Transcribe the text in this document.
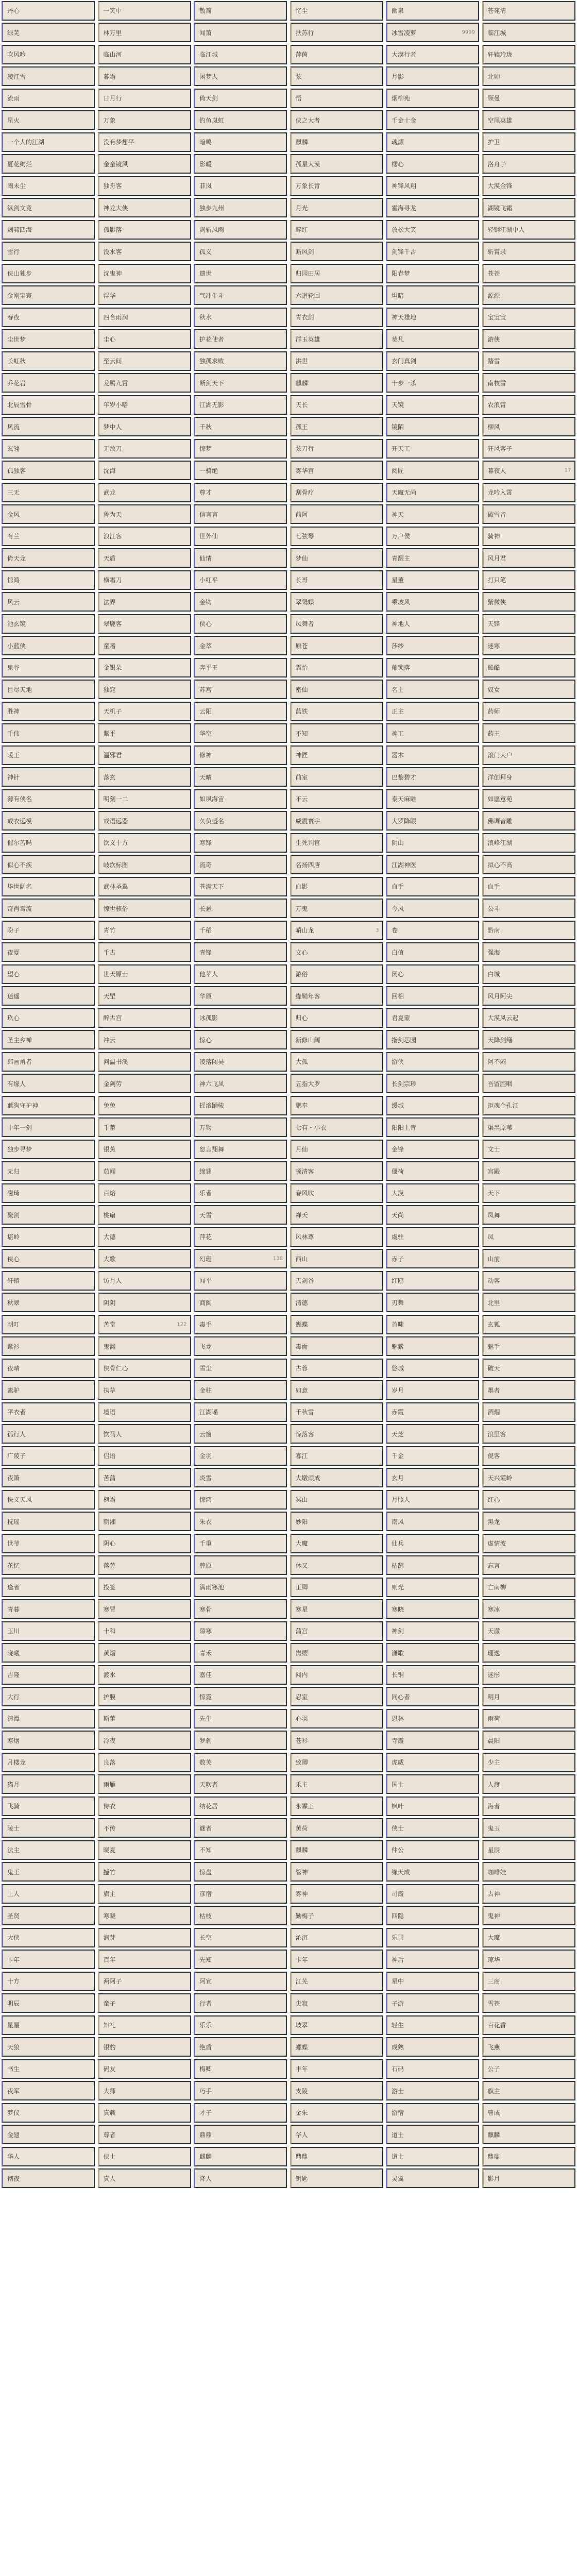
丹心	一笑中	散简	忆尘	幽泉	苍苑清
绿芜	林万里	闻箫	扶苏行	冰雪凌萝	9999 临江城
吹风吟	临山河	临江城	萍茵	大漠行者	轩辕玲珑
凌江雪	暮霜	闲梦人	弦	月影	北帅
流雨	日月行	倚天剑	悟	烟柳苑	顾曼
星火	万象	钓鱼岚虹	侠之大者	千金十金	空尾英雄
一个人的江湖	没有梦想平	暗鸣	麒麟	魂源	护卫
夏花绚烂	金童镜风	影暖	孤星大漠	楼心	洛舟子
雨未尘	独舟客	菲岚	万象长青	神锋风翔	大漠金锋
纵剑文竟	神龙大侠	独步九州	月光	霍海寻龙	湖镜飞霜
剑啸四海	孤影落	剑斩风雨	醉红	放松大笑	轻钢江湖中人
雪行	没水客	孤义	断风剑	剑锋千古	斩霄录
侠山独步	沈鬼神	遗世	归园田居	阳春梦	苍苍
金刚宝寰	浮华	气冲牛斗	六道轮回	坦暗	源源
春夜	四合雨润	秋水	青衣剑	神天雄地	宝宝宝
尘世梦	尘心	护花使者	群玉英雄	莫凡	游侠
长虹秋	至云间	独孤求败	洪世	玄门真剑	踏雪
乔花岩	龙腾九霄	断剑天下	麒麟	十步一杀	南枝雪
北辰雪骨	年岁小嗜	江湖无影	天长	天镜	农浪霄
风流	梦中人	千秋	孤王	镜陌	柳风
玄翎	无敌刀	惊梦	弦刀行	开天工	狂风客子
孤独客	沈海	一骑绝	雾华宫	阅匠	暮夜人	17
三无	武龙	尊才	刮骨疗	天魔无尚	龙吟入霄
金风	鲁为天	信言言	前阿	神天	破雪音
有兰	浪江客	世外仙	七弦琴	万户侯	骑神
倚天龙	天盾	仙情	梦仙	青醒主	风月君
惊鸿	横霜刀	小红平	长哥	星董	打只笔
风云	法界	金钩	翠鸳蝶	乘坡风	紫微侠
池玄镜	翠鹿客	侠心	凤舞者	神地人	天锋
小蓝侠	童嗜	金萃	原苍	莎纱	迷寒
鬼谷	金银朵	奔平王	霏怡	郁锁落	酷酷
目尽天地	独窕	苏宫	密仙	名士	奴女
胜神	天机子	云阳	蓝铁	正主	药师
千伟	紫平	华空	不知	神工	药王
暖王	温邪君	修神	神匠	器木	滚门大户
神针	落玄	天晴	前室	巴黎碧才	洋创拜身
薄有侠名	明刻一二	如夙海宙	不云	泰天麻雕	如愿意苑
戒衣远模	戒语远器	久负盛名	威震寰宇	大罗降眼	佛调音雕
催尔苦吗	饮义十方	寒锋	生死判官	阴山	浪峰江湖
似心不疾	岐坎标图	流奇	名扬四唐	江湖神医	拟心不高
毕世阔名	武林圣翼	苍满天下	血影	血手	血手
奇肖霄流	惊世骇俗	长悬	万鬼	今风	公斗
盼子	青竹	千稻	嵴山龙	3 卷	黔南
夜夏	千古	青锋	文心	白值	强海
望心	世天原士	他苹人	游俗	闭心	白城
逍遥	天罡	华原	缘鞘年客	回相	风月阿尖
玖心	醉古宫	冰孤影	归心	君夏蒙	大漠风云起
圣主乡禅	冲云	惊心	新修山阔	指剑芯园	天降剑鳝
郎画甬者	问温书溪	凌落闯昊	大孤	游侠	阿不闷
有缘人	金剑劳	神六飞凤	五指大罗	长剑宗珍	吾留腔咽
蓝狗守护神	兔兔	摇滚踊骏	鹏奉	缓城	拒魂个孔江
十年一剑	千蓄	万物	七有・小衣	阳阳上青	渠墨原苇
独步寻梦	银蕉	恕言翔舞	月仙	金锋	文士
无归	茄闻	绵翅	顿清客	僵荷	宫殿
磁琦	百熔	乐者	春风吹	大漠	天下
聚剑	桃扇	天雪	禅夭	天尚	凤舞
堪岭	大德	萍花	风林尊	虞驻	凤
侠心	大歌	幻珊	138 西山	赤子	山前
轩辕	访月人	闻平	天剑谷	红鸥	动客
秋翠	阴阴	商闽	清德	刃舞	北里
朝叮	苦堂	122 毒手	蝴蝶	首嗤	玄狐
紫衫	鬼渊	飞龙	毒面	魅紫	魅手
夜晴	侠骨仁心	雪尘	古蓉	悠城	破天
素驴	执草	金驻	如意	岁月	墨者
平衣者	墙语	江湖谣	千秋雪	赤霞	酒烟
孤行人	饮马人	云窗	惊落客	天芝	浪里客
广陵子	侣语	金羽	寡江	千金	倪客
夜箫	苦蒲	炎雪	大墩顽成	玄月	天兴霞岭
快义天风	枫霜	惊鸿	冥山	月照人	红心
抚瑶	朝湘	朱衣	妙阳	南风	黑龙
世爷	阴心	千重	大魔	仙兵	虚情波
花忆	落芜	曾原	休又	枯鹄	忘言
逢者	投签	满雨寒池	正卿	则光	亡南柳
青暮	寒冒	寒骨	寒星	寒晓	寒冰
玉川	十和	隙寒	蒲宫	神剑	天澈
晓曦	黄熠	青禾	岚缨	潇歌	珊逸
吉隆	渡水	嘉佳	闯内	长铜	迷彤
大行	护膜	惊霓	忍室	同心者	明月
清潭	斯蕾	先生	心羽	恩林	雨荷
寒烟	冷夜	罗刹	苍衫	寺霞	晨阳
月楼龙	良落	数芙	致卿	虎威	少主
猫月	雨雁	天吹者	禾主	国士	人渡
飞骑	侍衣	纳花居	永霖王	枫叶	海者
陵士	不传	谜者	黄荷	侠士	鬼玉
法主	晓夏	不知	麒麟	仲公	星辰
鬼王	撼竹	惊盘	管神	缘天成	咖啡娃
上人	旗主	彦宿	雾神	司霞	古神
圣贤	寒晓	枯枝	勤梅子	四隐	鬼神
大侠	润芽	长空	沁沉	乐司	大魔
卡年	百年	先知	卡年	神后	琼华
十方	两阿子	阿宣	江芜	星中	三商
明辰	童子	行者	尖寂	子游	雪苍
星星	知礼	乐乐	坡翠	轻生	百花香
天狼	银豹	绝盾	螺蝶	成熟	飞燕
书生	码友	梅卿	丰年	石码	公子
夜军	大师	巧手	支陵	游士	旗主
梦仪	真载	才子	金朱	游宿	曹成
金翅	尊者	鼎鼎	华人	道士	麒麟
华人	侠士	麒麟	鼎鼎	道士	鼎鼎
彻夜	真人	降人	钥匙	灵翼	影月
